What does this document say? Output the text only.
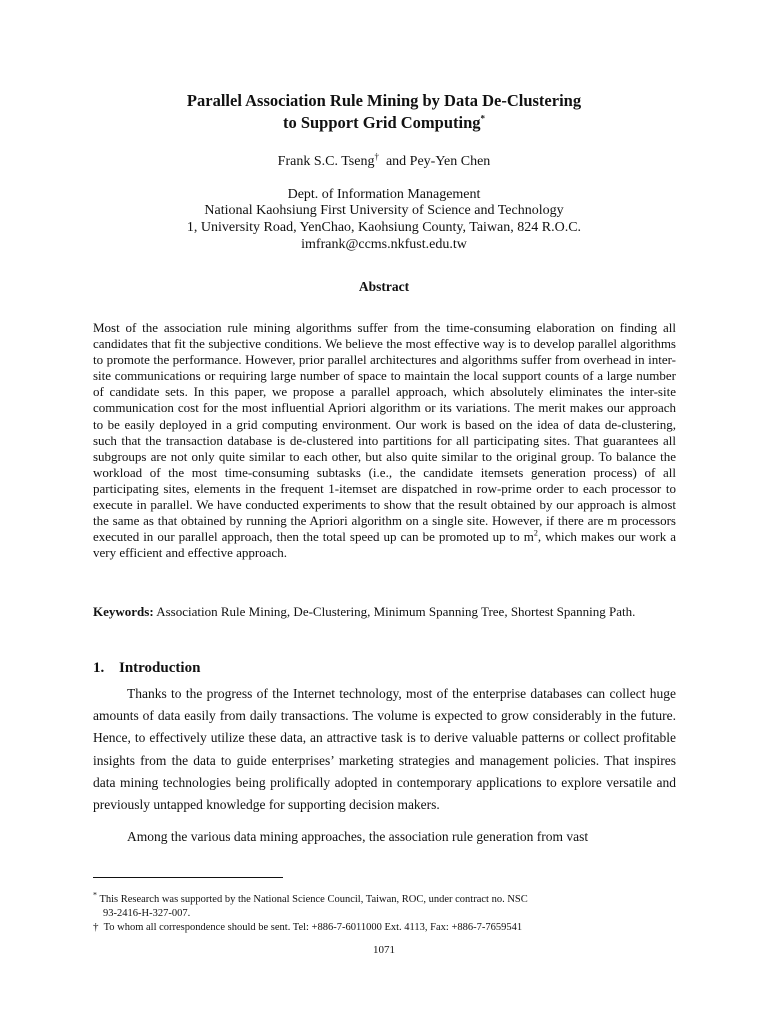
Parallel Association Rule Mining by Data De-Clustering
to Support Grid Computing*
Frank S.C. Tseng† and Pey-Yen Chen
Dept. of Information Management
National Kaohsiung First University of Science and Technology
1, University Road, YenChao, Kaohsiung County, Taiwan, 824 R.O.C.
imfrank@ccms.nkfust.edu.tw
Abstract
Most of the association rule mining algorithms suffer from the time-consuming elaboration on finding all candidates that fit the subjective conditions. We believe the most effective way is to develop parallel algorithms to promote the performance. However, prior parallel architectures and algorithms suffer from overhead in inter-site communications or requiring large number of space to maintain the local support counts of a large number of candidate sets. In this paper, we propose a parallel approach, which absolutely eliminates the inter-site communication cost for the most influential Apriori algorithm or its variations. The merit makes our approach to be easily deployed in a grid computing environment. Our work is based on the idea of data de-clustering, such that the transaction database is de-clustered into partitions for all participating sites. That guarantees all subgroups are not only quite similar to each other, but also quite similar to the original group. To balance the workload of the most time-consuming subtasks (i.e., the candidate itemsets generation process) of all participating sites, elements in the frequent 1-itemset are dispatched in row-prime order to each processor to execute in parallel. We have conducted experiments to show that the result obtained by our approach is almost the same as that obtained by running the Apriori algorithm on a single site. However, if there are m processors executed in our parallel approach, then the total speed up can be promoted up to $m^2$, which makes our work a very efficient and effective approach.
Keywords: Association Rule Mining, De-Clustering, Minimum Spanning Tree, Shortest Spanning Path.
1. Introduction

Thanks to the progress of the Internet technology, most of the enterprise databases can collect huge amounts of data easily from daily transactions. The volume is expected to grow considerably in the future. Hence, to effectively utilize these data, an attractive task is to derive valuable patterns or collect profitable insights from the data to guide enterprises’ marketing strategies and management policies. That inspires data mining technologies being prolifically adopted in contemporary applications to explore versatile and previously untapped knowledge for supporting decision makers.

Among the various data mining approaches, the association rule generation from vast

* This Research was supported by the National Science Council, Taiwan, ROC, under contract no. NSC
93-2416-H-327-007.
† To whom all correspondence should be sent. Tel: +886-7-6011000 Ext. 4113, Fax: +886-7-7659541
1071
